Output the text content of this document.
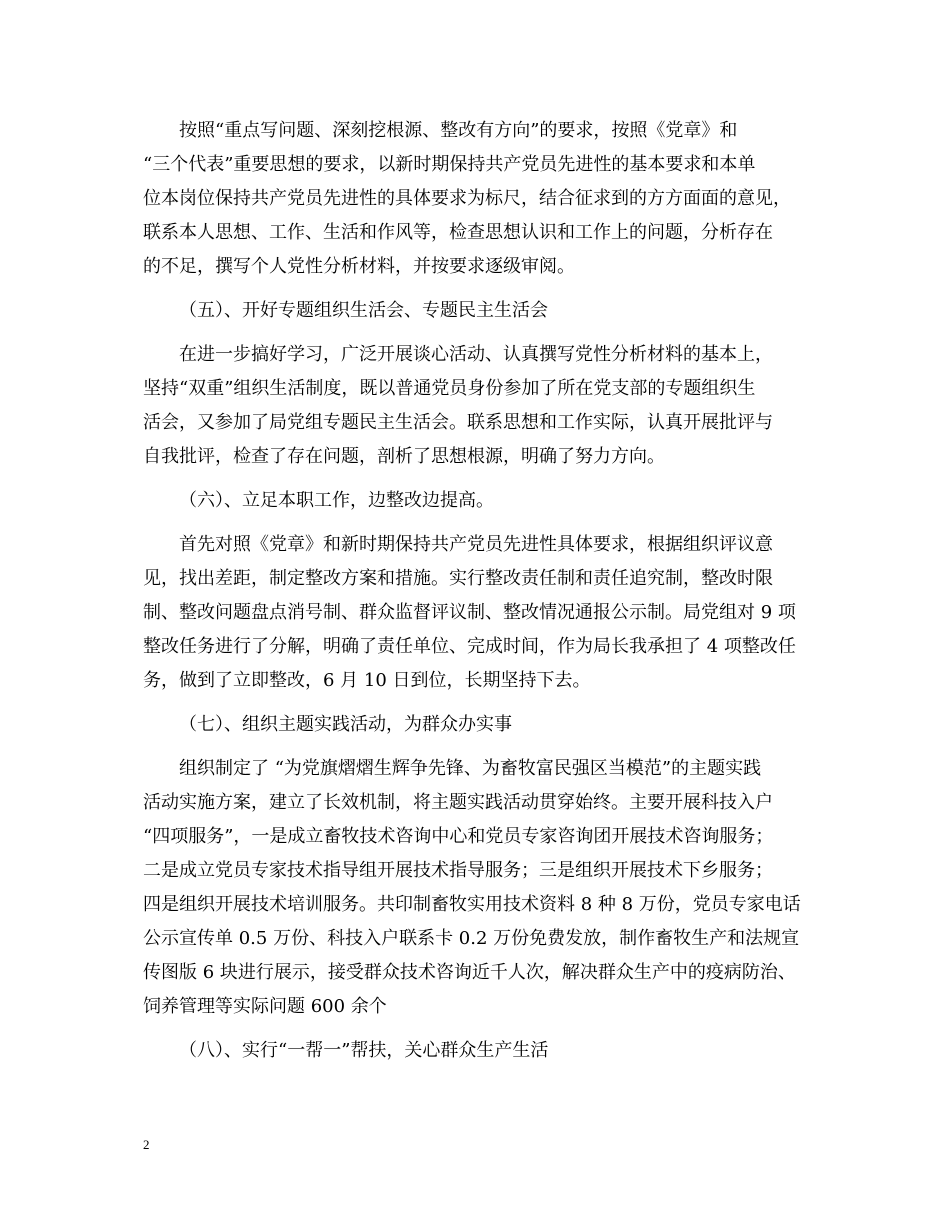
按照“重点写问题、深刻挖根源、整改有方向”的要求，按照《党章》和
“三个代表”重要思想的要求，以新时期保持共产党员先进性的基本要求和本单
位本岗位保持共产党员先进性的具体要求为标尺，结合征求到的方方面面的意见，
联系本人思想、工作、生活和作风等，检查思想认识和工作上的问题，分析存在
的不足，撰写个人党性分析材料，并按要求逐级审阅。
（五）、开好专题组织生活会、专题民主生活会
在进一步搞好学习，广泛开展谈心活动、认真撰写党性分析材料的基本上，
坚持“双重”组织生活制度，既以普通党员身份参加了所在党支部的专题组织生
活会，又参加了局党组专题民主生活会。联系思想和工作实际，认真开展批评与
自我批评，检查了存在问题，剖析了思想根源，明确了努力方向。
（六）、立足本职工作，边整改边提高。
首先对照《党章》和新时期保持共产党员先进性具体要求，根据组织评议意
见，找出差距，制定整改方案和措施。实行整改责任制和责任追究制，整改时限
制、整改问题盘点消号制、群众监督评议制、整改情况通报公示制。局党组对 9 项
整改任务进行了分解，明确了责任单位、完成时间，作为局长我承担了 4 项整改任
务，做到了立即整改，6 月 10 日到位，长期坚持下去。
（七）、组织主题实践活动，为群众办实事
组织制定了 “为党旗熠熠生辉争先锋、为畜牧富民强区当模范”的主题实践
活动实施方案，建立了长效机制，将主题实践活动贯穿始终。主要开展科技入户
“四项服务”，一是成立畜牧技术咨询中心和党员专家咨询团开展技术咨询服务；
二是成立党员专家技术指导组开展技术指导服务；三是组织开展技术下乡服务；
四是组织开展技术培训服务。共印制畜牧实用技术资料 8 种 8 万份，党员专家电话
公示宣传单 0.5 万份、科技入户联系卡 0.2 万份免费发放，制作畜牧生产和法规宣
传图版 6 块进行展示，接受群众技术咨询近千人次，解决群众生产中的疫病防治、
饲养管理等实际问题 600 余个
（八）、实行“一帮一”帮扶，关心群众生产生活
2
